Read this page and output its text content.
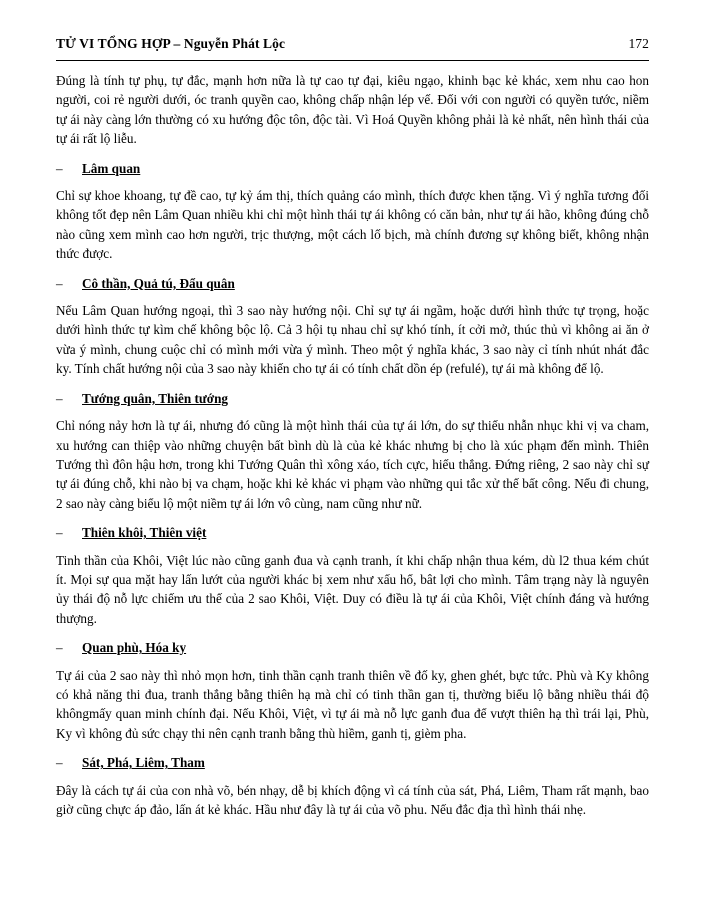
TỬ VI TỔNG HỢP – Nguyễn Phát Lộc	172

Đúng là tính tự phụ, tự đắc, mạnh hơn nữa là tự cao tự đại, kiêu ngạo, khinh bạc kẻ khác, xem nhu cao hon người, coi rẻ người dưới, óc tranh quyền cao, không chấp nhận lép vế. Đối với con người có quyền tước, niềm tự ái này càng lớn thường có xu hướng độc tôn, độc tài. Vì Hoá Quyền không phải là kẻ nhất, nên hình thái của tự ái rất lộ liễu.

–	Lâm quan

Chỉ sự khoe khoang, tự đề cao, tự kỷ ám thị, thích quảng cáo mình, thích được khen tặng. Vì ý nghĩa tương đối không tốt đẹp nên Lâm Quan nhiều khi chỉ một hình thái tự ái không có căn bản, như tự ái hão, không đúng chỗ nào cũng xem mình cao hơn người, trịc thượng, một cách lố bịch, mà chính đương sự không biết, không nhận thức được.

–	Cô thần, Quả tú, Đẩu quân

Nếu Lâm Quan hướng ngoại, thì 3 sao này hướng nội. Chỉ sự tự ái ngầm, hoặc dưới hình thức tự trọng, hoặc dưới hình thức tự kìm chế không bộc lộ. Cả 3 hội tụ nhau chỉ sự khó tính, ít cởi mở, thúc thủ vì không ai ăn ở vừa ý mình, chung cuộc chỉ có mình mới vừa ý mình. Theo một ý nghĩa khác, 3 sao này cỉ tính nhút nhát đắc ky. Tính chất hướng nội của 3 sao này khiến cho tự ái có tính chất dồn ép (refulé), tự ái mà không để lộ.

–	Tướng quân, Thiên tướng

Chỉ nóng nảy hơn là tự ái, nhưng đó cũng là một hình thái của tự ái lớn, do sự thiếu nhẫn nhục khi vị va cham, xu hướng can thiệp vào những chuyện bất bình dù là của kẻ khác nhưng bị cho là xúc phạm đến mình. Thiên Tướng thì đôn hậu hơn, trong khi Tướng Quân thì xông xáo, tích cực, hiếu thắng. Đứng riêng, 2 sao này chỉ sự tự ái đúng chỗ, khi nào bị va chạm, hoặc khi kẻ khác vi phạm vào những qui tắc xử thế bất công. Nếu đi chung, 2 sao này càng biểu lộ một niềm tự ái lớn vô cùng, nam cũng như nữ.

–	Thiên khôi, Thiên việt

Tinh thần của Khôi, Việt lúc nào cũng ganh đua và cạnh tranh, ít khi chấp nhận thua kém, dù l2 thua kém chút ít. Mọi sự qua mặt hay lấn lướt của người khác bị xem như xấu hổ, bât lợi cho mình. Tâm trạng này là nguyên ủy thái độ nỗ lực chiếm ưu thế của 2 sao Khôi, Việt. Duy có điều là tự ái của Khôi, Việt chính đáng và hướng thượng.

–	Quan phù, Hóa ky

Tự ái của 2 sao này thì nhỏ mọn hơn, tinh thần cạnh tranh thiên về đố ky, ghen ghét, bực tức. Phù và Ky không có khả năng thi đua, tranh thắng bằng thiên hạ mà chỉ có tinh thần gan tị, thường biểu lộ bằng nhiều thái độ khôngmấy quan minh chính đại. Nếu Khôi, Việt, vì tự ái mà nỗ lực ganh đua để vượt thiên hạ thì trái lại, Phù, Ky vì không đủ sức chạy thi nên cạnh tranh bằng thù hiềm, ganh tị, gièm pha.

–	Sát, Phá, Liêm, Tham

Đây là cách tự ái của con nhà võ, bén nhạy, dễ bị khích động vì cá tính của sát, Phá, Liêm, Tham rất mạnh, bao giờ cũng chực áp đảo, lấn át kẻ khác. Hầu như đây là tự ái của võ phu. Nếu đắc địa thì hình thái nhẹ.
